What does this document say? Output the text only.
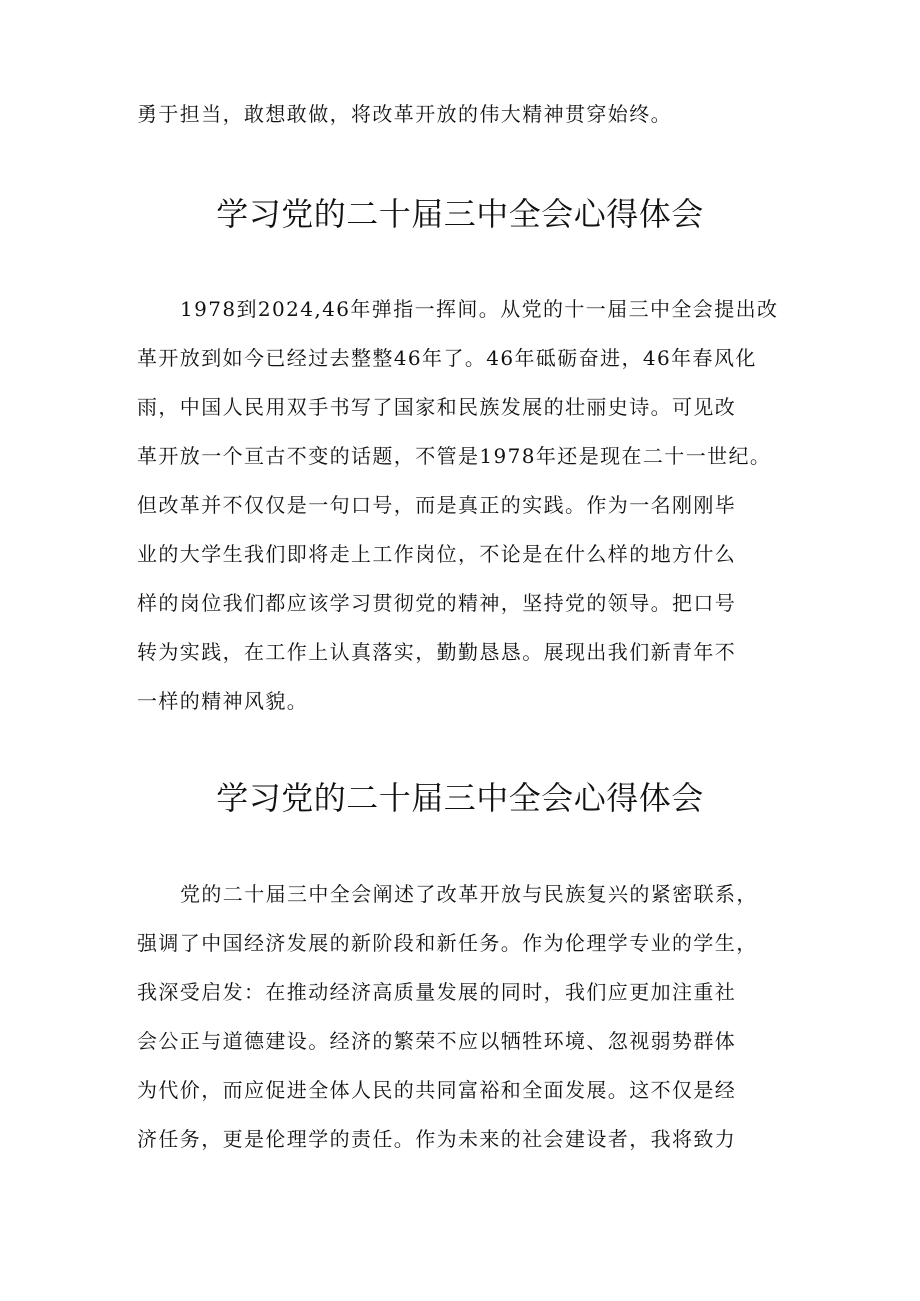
勇于担当，敢想敢做，将改革开放的伟大精神贯穿始终。
学习党的二十届三中全会心得体会
1978到2024,46年弹指一挥间。从党的十一届三中全会提出改
革开放到如今已经过去整整46年了。46年砥砺奋进，46年春风化
雨，中国人民用双手书写了国家和民族发展的壮丽史诗。可见改
革开放一个亘古不变的话题，不管是1978年还是现在二十一世纪。
但改革并不仅仅是一句口号，而是真正的实践。作为一名刚刚毕
业的大学生我们即将走上工作岗位，不论是在什么样的地方什么
样的岗位我们都应该学习贯彻党的精神，坚持党的领导。把口号
转为实践，在工作上认真落实，勤勤恳恳。展现出我们新青年不
一样的精神风貌。
学习党的二十届三中全会心得体会
党的二十届三中全会阐述了改革开放与民族复兴的紧密联系，
强调了中国经济发展的新阶段和新任务。作为伦理学专业的学生，
我深受启发：在推动经济高质量发展的同时，我们应更加注重社
会公正与道德建设。经济的繁荣不应以牺牲环境、忽视弱势群体
为代价，而应促进全体人民的共同富裕和全面发展。这不仅是经
济任务，更是伦理学的责任。作为未来的社会建设者，我将致力
